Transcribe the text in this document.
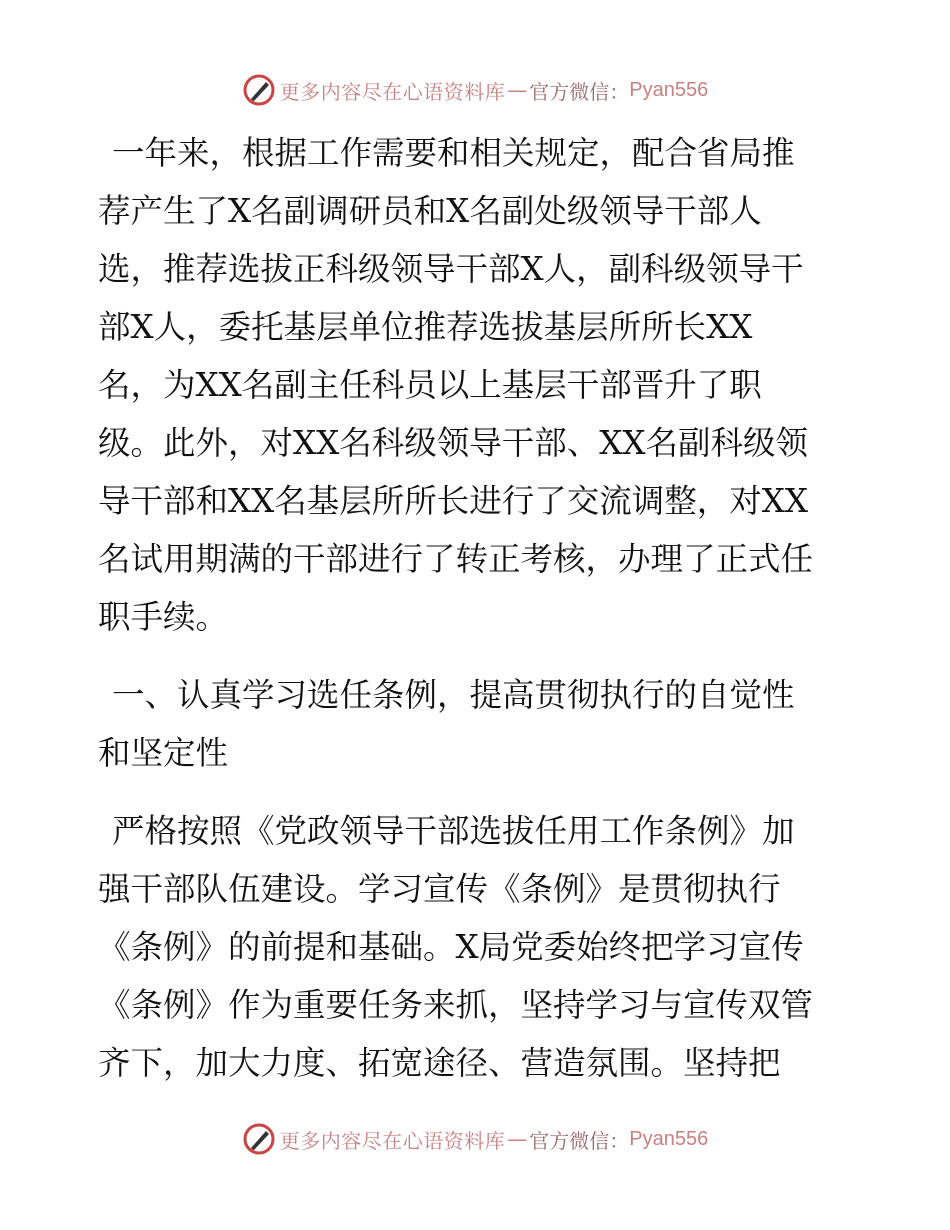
更多内容尽在心语资料库 — 官方微信： Pyan556
一年来，根据工作需要和相关规定，配合省局推
荐产生了X名副调研员和X名副处级领导干部人
选，推荐选拔正科级领导干部X人，副科级领导干
部X人，委托基层单位推荐选拔基层所所长XX
名，为XX名副主任科员以上基层干部晋升了职
级。此外，对XX名科级领导干部、XX名副科级领
导干部和XX名基层所所长进行了交流调整，对XX
名试用期满的干部进行了转正考核，办理了正式任
职手续。
一、认真学习选任条例，提高贯彻执行的自觉性
和坚定性
严格按照《党政领导干部选拔任用工作条例》加
强干部队伍建设。学习宣传《条例》是贯彻执行
《条例》的前提和基础。X局党委始终把学习宣传
《条例》作为重要任务来抓，坚持学习与宣传双管
齐下，加大力度、拓宽途径、营造氛围。坚持把
更多内容尽在心语资料库 — 官方微信： Pyan556
